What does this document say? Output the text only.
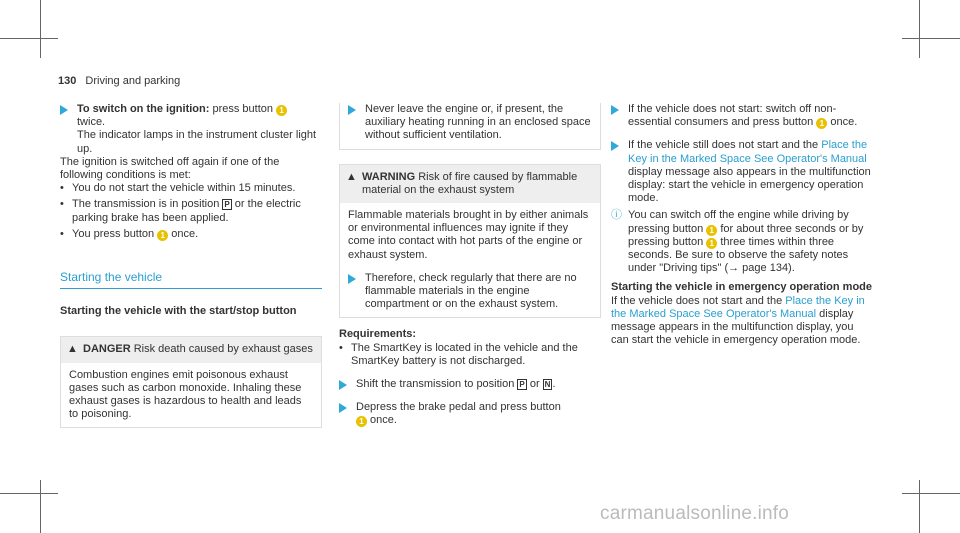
130 Driving and parking

To switch on the ignition: press button 1
twice.
The indicator lamps in the instrument cluster light up.

The ignition is switched off again if one of the following conditions is met:

• You do not start the vehicle within 15 minutes.

• The transmission is in position P or the electric parking brake has been applied.

• You press button 1 once.

Starting the vehicle

Starting the vehicle with the start/stop button

▲ DANGER Risk death caused by exhaust gases
Combustion engines emit poisonous exhaust gases such as carbon monoxide. Inhaling these exhaust gases is hazardous to health and leads to poisoning.

Never leave the engine or, if present, the auxiliary heating running in an enclosed space without sufficient ventilation.

▲ WARNING Risk of fire caused by flammable material on the exhaust system

Flammable materials brought in by either animals or environmental influences may ignite if they come into contact with hot parts of the engine or exhaust system.

Therefore, check regularly that there are no flammable materials in the engine compartment or on the exhaust system.

Requirements:

• The SmartKey is located in the vehicle and the SmartKey battery is not discharged.

Shift the transmission to position P or N .

Depress the brake pedal and press button
1 once.

If the vehicle does not start: switch off non-essential consumers and press button 1 once.

If the vehicle still does not start and the Place the Key in the Marked Space See Operator's Manual display message also appears in the multifunction display: start the vehicle in emergency operation mode.

ⓘ You can switch off the engine while driving by pressing button 1 for about three seconds or by pressing button 1 three times within three seconds. Be sure to observe the safety notes under "Driving tips" (→ page 134).

Starting the vehicle in emergency operation mode

If the vehicle does not start and the Place the Key in the Marked Space See Operator's Manual display message appears in the multifunction display, you can start the vehicle in emergency operation mode.

carmanualsonline.info
